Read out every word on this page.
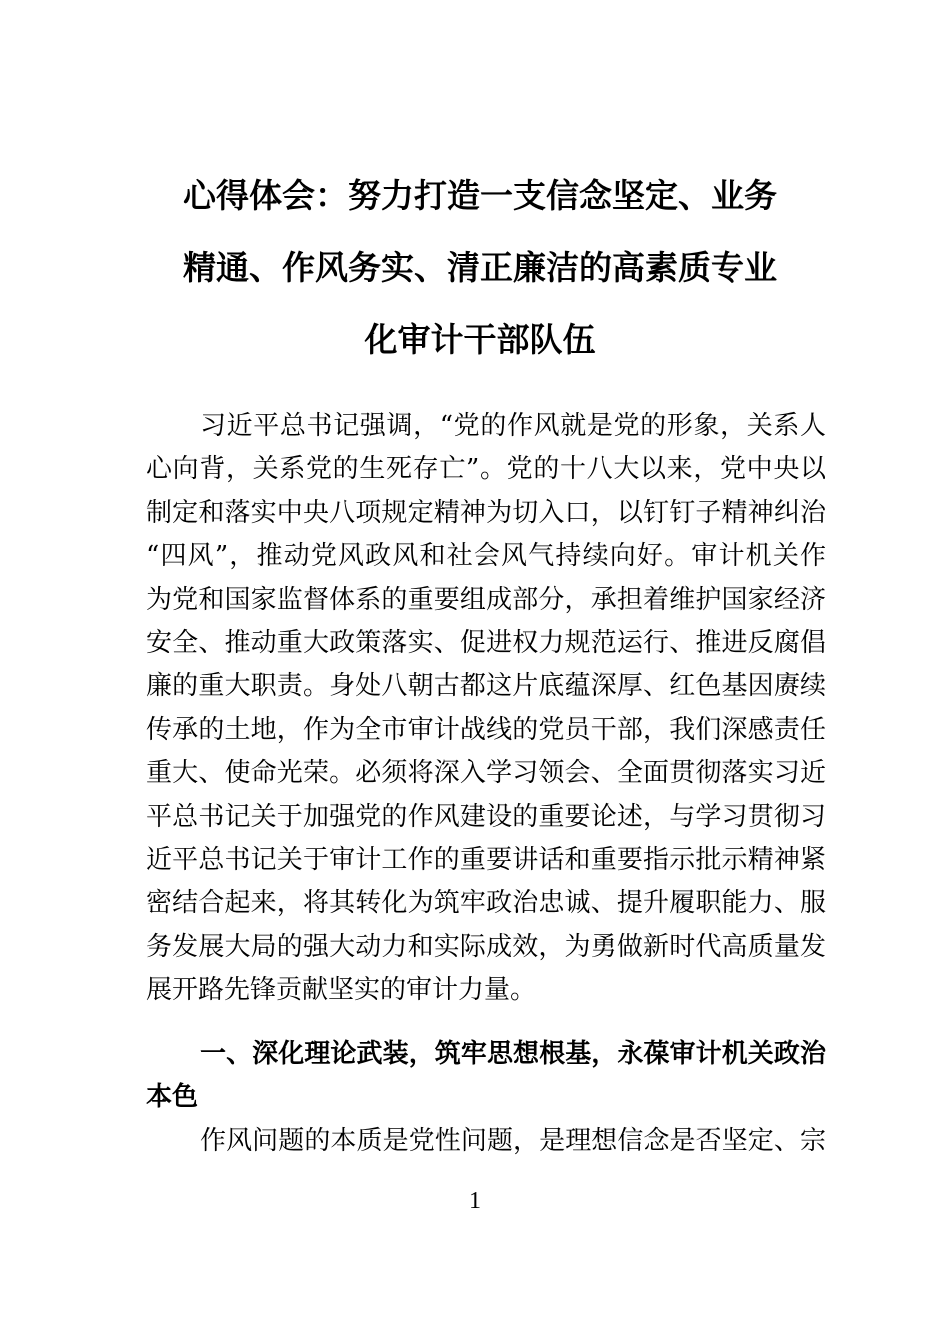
心得体会：努力打造一支信念坚定、业务
精通、作风务实、清正廉洁的高素质专业
化审计干部队伍
习近平总书记强调，“党的作风就是党的形象，关系人
心向背，关系党的生死存亡”。党的十八大以来，党中央以
制定和落实中央八项规定精神为切入口，以钉钉子精神纠治
“四风”，推动党风政风和社会风气持续向好。审计机关作
为党和国家监督体系的重要组成部分，承担着维护国家经济
安全、推动重大政策落实、促进权力规范运行、推进反腐倡
廉的重大职责。身处八朝古都这片底蕴深厚、红色基因赓续
传承的土地，作为全市审计战线的党员干部，我们深感责任
重大、使命光荣。必须将深入学习领会、全面贯彻落实习近
平总书记关于加强党的作风建设的重要论述，与学习贯彻习
近平总书记关于审计工作的重要讲话和重要指示批示精神紧
密结合起来，将其转化为筑牢政治忠诚、提升履职能力、服
务发展大局的强大动力和实际成效，为勇做新时代高质量发
展开路先锋贡献坚实的审计力量。
一、深化理论武装，筑牢思想根基，永葆审计机关政治
本色
作风问题的本质是党性问题，是理想信念是否坚定、宗
1
